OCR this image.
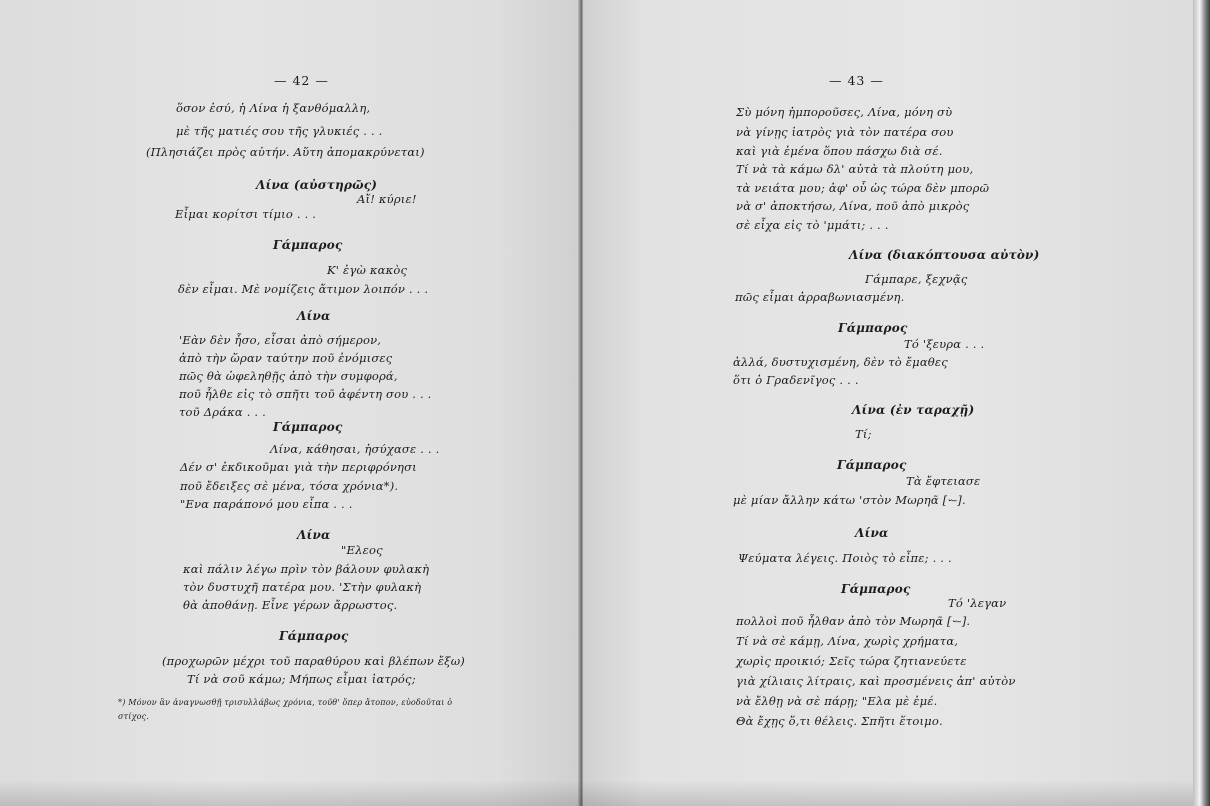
— 42 —
ὅσον ἐσύ, ἡ Λίνα ἡ ξανθόμαλλη,
μὲ τῆς ματιές σου τῆς γλυκιές . . .
(Πλησιάζει πρὸς αὐτήν. Αὕτη ἀπομακρύνεται)
Λίνα (αὐστηρῶς)
Αἴ! κύριε!
Εἶμαι κορίτσι τίμιο . . .
Γάμπαρος
Κ' ἐγὼ κακὸς
δὲν εἶμαι. Μὲ νομίζεις ἄτιμον λοιπόν . . .
Λίνα
'Εὰν δὲν ἦσο, εἶσαι ἀπὸ σήμερον,
ἀπὸ τὴν ὥραν ταύτην ποῦ ἐνόμισες
πῶς θὰ ὠφεληθῇς ἀπὸ τὴν συμφορά,
ποῦ ἦλθε εἰς τὸ σπῆτι τοῦ ἀφέντη σου . . .
τοῦ Δράκα . . .
Γάμπαρος
Λίνα, κάθησαι, ἡσύχασε . . .
Δέν σ' ἐκδικοῦμαι γιὰ τὴν περιφρόνησι
ποῦ ἔδειξες σὲ μένα, τόσα χρόνια*).
"Ενα παράπονό μου εἶπα . . .
Λίνα
"Ελεος
καὶ πάλιν λέγω πρὶν τὸν βάλουν φυλακὴ
τὸν δυστυχῆ πατέρα μου. 'Στὴν φυλακὴ
θὰ ἀποθάνῃ. Εἶνε γέρων ἄρρωστος.
Γάμπαρος
(προχωρῶν μέχρι τοῦ παραθύρου καὶ βλέπων ἔξω)
Τί νὰ σοῦ κάμω; Μήπως εἶμαι ἰατρός;
*) Μόνον ἂν ἀναγνωσθῇ τρισυλλάβως χρόνια, τοῦθ' ὅπερ ἄτοπον, εὐοδοῦται ὁ
στίχος.
— 43 —
Σὺ μόνη ἠμποροῦσες, Λίνα, μόνη σὺ
νὰ γίνῃς ἰατρὸς γιὰ τὸν πατέρα σου
καὶ γιὰ ἐμένα ὅπου πάσχω διὰ σέ.
Τί νὰ τὰ κάμω δλ' αὐτὰ τὰ πλούτη μου,
τὰ νειάτα μου; ἀφ' οὗ ὡς τώρα δὲν μπορῶ
νὰ σ' ἀποκτήσω, Λίνα, ποῦ ἀπὸ μικρὸς
σὲ εἶχα εἰς τὸ 'μμάτι; . . .
Λίνα (διακόπτουσα αὐτὸν)
Γάμπαρε, ξεχνᾷς
πῶς εἶμαι ἀρραβωνιασμένη.
Γάμπαρος
Τό 'ξευρα . . .
ἀλλά, δυστυχισμένη, δὲν τὸ ἔμαθες
ὅτι ὁ Γραδενῖγος . . .
Λίνα (ἐν ταραχῇ)
Τί;
Γάμπαρος
Τὰ ἔφτειασε
μὲ μίαν ἄλλην κάτω 'στὸν Μωρηᾶ [⏑–].
Λίνα
Ψεύματα λέγεις. Ποιὸς τὸ εἶπε; . . .
Γάμπαρος
Τό 'λεγαν
πολλοὶ ποῦ ἦλθαν ἀπὸ τὸν Μωρηᾶ [⏑–].
Τί νὰ σὲ κάμῃ, Λίνα, χωρὶς χρήματα,
χωρὶς προικιό; Σεῖς τώρα ζητιανεύετε
γιὰ χίλιαις λίτραις, καὶ προσμένεις ἀπ' αὐτὸν
νὰ ἔλθῃ νὰ σὲ πάρῃ; "Ελα μὲ ἐμέ.
Θὰ ἔχῃς ὅ,τι θέλεις. Σπῆτι ἕτοιμο.
